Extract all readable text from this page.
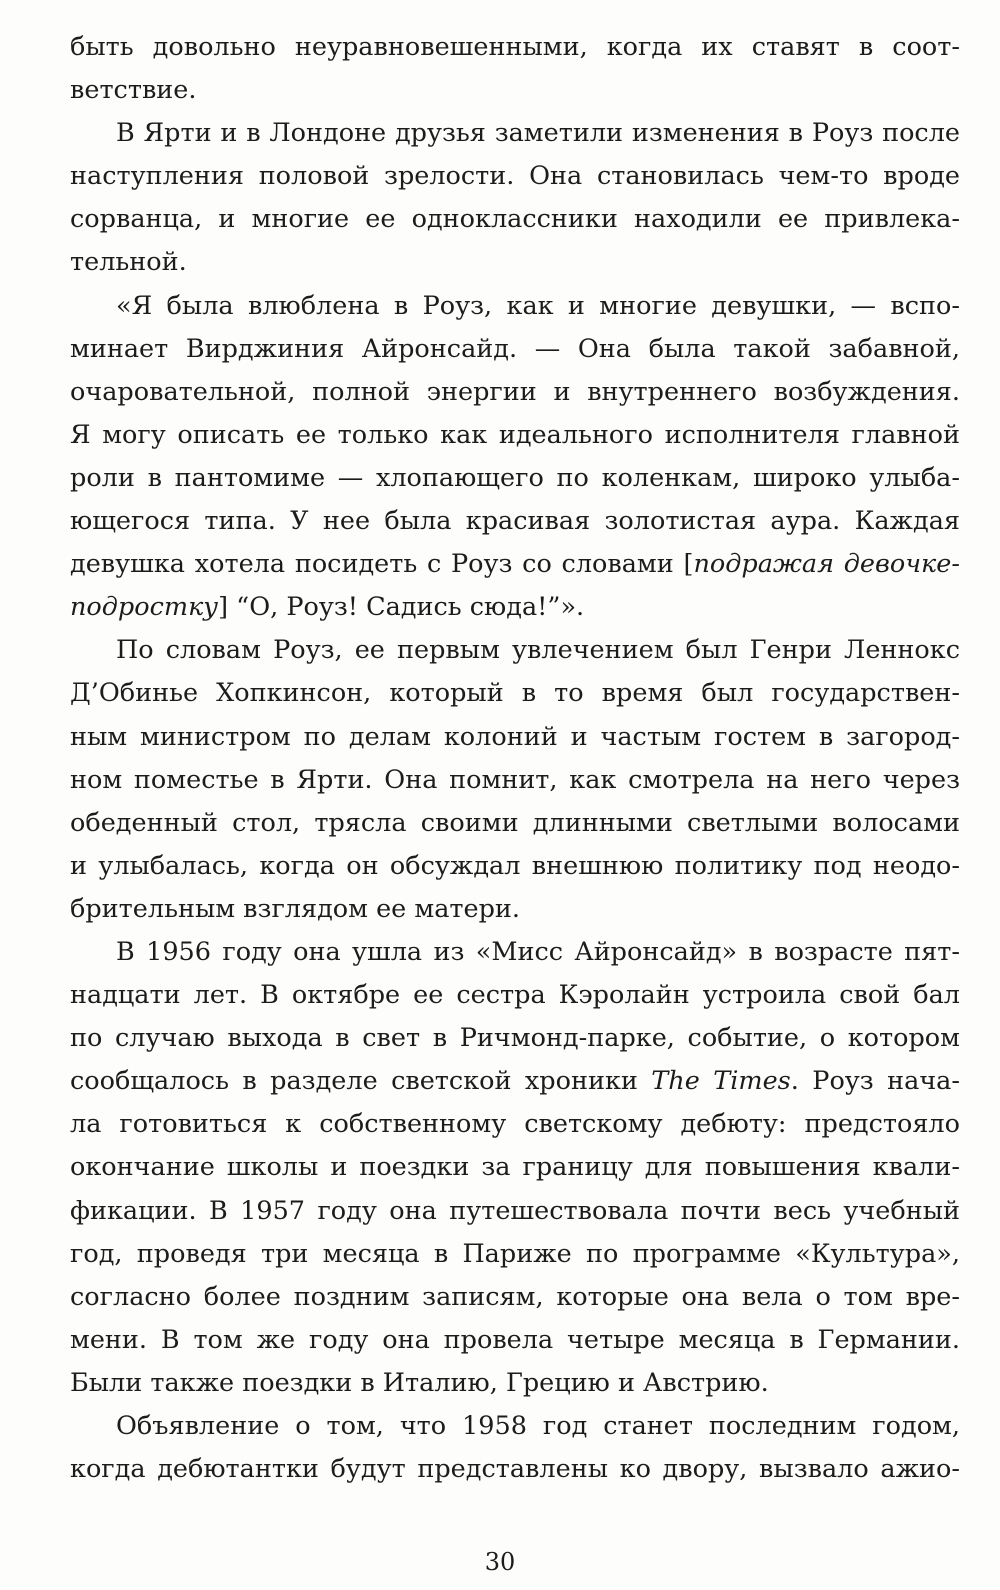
быть довольно неуравновешенными, когда их ставят в соот-
ветствие.
В Ярти и в Лондоне друзья заметили изменения в Роуз после
наступления половой зрелости. Она становилась чем-то вроде
сорванца, и многие ее одноклассники находили ее привлека-
тельной.
«Я была влюблена в Роуз, как и многие девушки, — вспо-
минает Вирджиния Айронсайд. — Она была такой забавной,
очаровательной, полной энергии и внутреннего возбуждения.
Я могу описать ее только как идеального исполнителя главной
роли в пантомиме — хлопающего по коленкам, широко улыба-
ющегося типа. У нее была красивая золотистая аура. Каждая
девушка хотела посидеть с Роуз со словами [подражая девочке-
подростку] “О, Роуз! Садись сюда!”».
По словам Роуз, ее первым увлечением был Генри Леннокс
Д’Обинье Хопкинсон, который в то время был государствен-
ным министром по делам колоний и частым гостем в загород-
ном поместье в Ярти. Она помнит, как смотрела на него через
обеденный стол, трясла своими длинными светлыми волосами
и улыбалась, когда он обсуждал внешнюю политику под неодо-
брительным взглядом ее матери.
В 1956 году она ушла из «Мисс Айронсайд» в возрасте пят-
надцати лет. В октябре ее сестра Кэролайн устроила свой бал
по случаю выхода в свет в Ричмонд-парке, событие, о котором
сообщалось в разделе светской хроники The Times. Роуз нача-
ла готовиться к собственному светскому дебюту: предстояло
окончание школы и поездки за границу для повышения квали-
фикации. В 1957 году она путешествовала почти весь учебный
год, проведя три месяца в Париже по программе «Культура»,
согласно более поздним записям, которые она вела о том вре-
мени. В том же году она провела четыре месяца в Германии.
Были также поездки в Италию, Грецию и Австрию.
Объявление о том, что 1958 год станет последним годом,
когда дебютантки будут представлены ко двору, вызвало ажио-
30
